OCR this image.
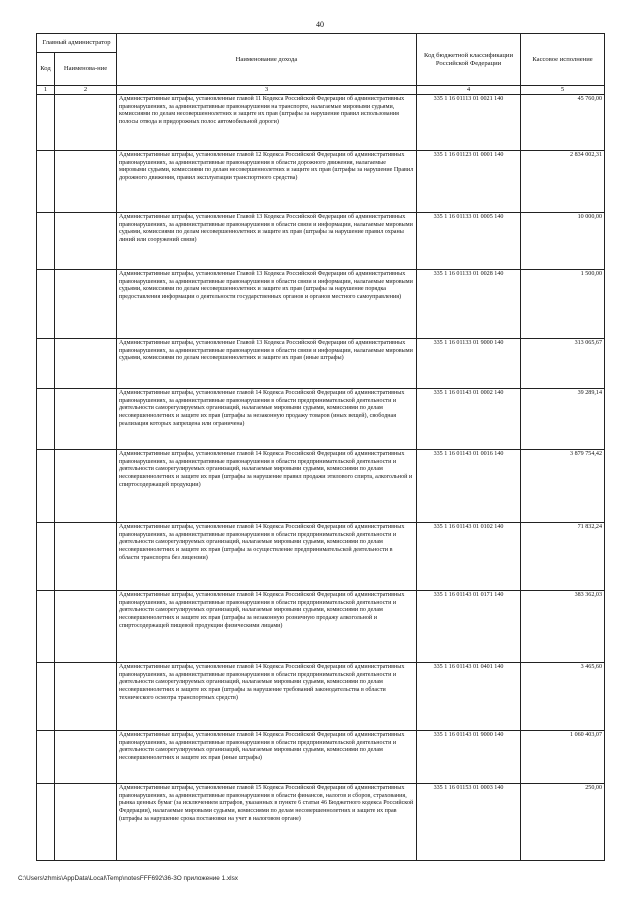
40
Главный администратор		Наименование дохода	Код бюджетной классификации Российской Федерации	Кассовое исполнение
Код	Наименова-ние			
1	2	3	4	5
		Административные штрафы, установленные главой 11 Кодекса Российской Федерации об административных правонарушениях, за административные правонарушения на транспорте, налагаемые мировыми судьями, комиссиями по делам несовершеннолетних и защите их прав (штрафы за нарушение правил использования полосы отвода и придорожных полос автомобильной дороги)	335 1 16 01113 01 0021 140	45 760,00
		Административные штрафы, установленные главой 12 Кодекса Российской Федерации об административных правонарушениях, за административные правонарушения в области дорожного движения, налагаемые мировыми судьями, комиссиями по делам несовершеннолетних и защите их прав (штрафы за нарушение Правил дорожного движения, правил эксплуатации транспортного средства)	335 1 16 01123 01 0001 140	2 834 002,31
		Административные штрафы, установленные Главой 13 Кодекса Российской Федерации об административных правонарушениях, за административные правонарушения в области связи и информации, налагаемые мировыми судьями, комиссиями по делам несовершеннолетних и защите их прав (штрафы за нарушение правил охраны линий или сооружений связи)	335 1 16 01133 01 0005 140	10 000,00
		Административные штрафы, установленные Главой 13 Кодекса Российской Федерации об административных правонарушениях, за административные правонарушения в области связи и информации, налагаемые мировыми судьями, комиссиями по делам несовершеннолетних и защите их прав (штрафы за нарушение порядка предоставления информации о деятельности государственных органов и органов местного самоуправления)	335 1 16 01133 01 0028 140	1 500,00
		Административные штрафы, установленные Главой 13 Кодекса Российской Федерации об административных правонарушениях, за административные правонарушения в области связи и информации, налагаемые мировыми судьями, комиссиями по делам несовершеннолетних и защите их прав (иные штрафы)	335 1 16 01133 01 9000 140	313 065,67
		Административные штрафы, установленные главой 14 Кодекса Российской Федерации об административных правонарушениях, за административные правонарушения в области предпринимательской деятельности и деятельности саморегулируемых организаций, налагаемые мировыми судьями, комиссиями по делам несовершеннолетних и защите их прав (штрафы за незаконную продажу товаров (иных вещей), свободная реализация которых запрещена или ограничена)	335 1 16 01143 01 0002 140	39 289,14
		Административные штрафы, установленные главой 14 Кодекса Российской Федерации об административных правонарушениях, за административные правонарушения в области предпринимательской деятельности и деятельности саморегулируемых организаций, налагаемые мировыми судьями, комиссиями по делам несовершеннолетних и защите их прав (штрафы за нарушение правил продажи этилового спирта, алкогольной и спиртосодержащей продукции)	335 1 16 01143 01 0016 140	3 879 754,42
		Административные штрафы, установленные главой 14 Кодекса Российской Федерации об административных правонарушениях, за административные правонарушения в области предпринимательской деятельности и деятельности саморегулируемых организаций, налагаемые мировыми судьями, комиссиями по делам несовершеннолетних и защите их прав (штрафы за осуществление предпринимательской деятельности в области транспорта без лицензии)	335 1 16 01143 01 0102 140	71 832,24
		Административные штрафы, установленные главой 14 Кодекса Российской Федерации об административных правонарушениях, за административные правонарушения в области предпринимательской деятельности и деятельности саморегулируемых организаций, налагаемые мировыми судьями, комиссиями по делам несовершеннолетних и защите их прав (штрафы за незаконную розничную продажу алкогольной и спиртосодержащей пищевой продукции физическими лицами)	335 1 16 01143 01 0171 140	383 362,03
		Административные штрафы, установленные главой 14 Кодекса Российской Федерации об административных правонарушениях, за административные правонарушения в области предпринимательской деятельности и деятельности саморегулируемых организаций, налагаемые мировыми судьями, комиссиями по делам несовершеннолетних и защите их прав (штрафы за нарушение требований законодательства в области технического осмотра транспортных средств)	335 1 16 01143 01 0401 140	3 465,60
		Административные штрафы, установленные главой 14 Кодекса Российской Федерации об административных правонарушениях, за административные правонарушения в области предпринимательской деятельности и деятельности саморегулируемых организаций, налагаемые мировыми судьями, комиссиями по делам несовершеннолетних и защите их прав (иные штрафы)	335 1 16 01143 01 9000 140	1 060 403,07
		Административные штрафы, установленные главой 15 Кодекса Российской Федерации об административных правонарушениях, за административные правонарушения в области финансов, налогов и сборов, страхования, рынка ценных бумаг (за исключением штрафов, указанных в пункте 6 статьи 46 Бюджетного кодекса Российской Федерации), налагаемые мировыми судьями, комиссиями по делам несовершеннолетних и защите их прав (штрафы за нарушение срока постановки на учет в налоговом органе)	335 1 16 01153 01 0003 140	250,00
C:\Users\zhmis\AppData\Local\Temp\notesFFF692\36-3О приложение 1.xlsx
